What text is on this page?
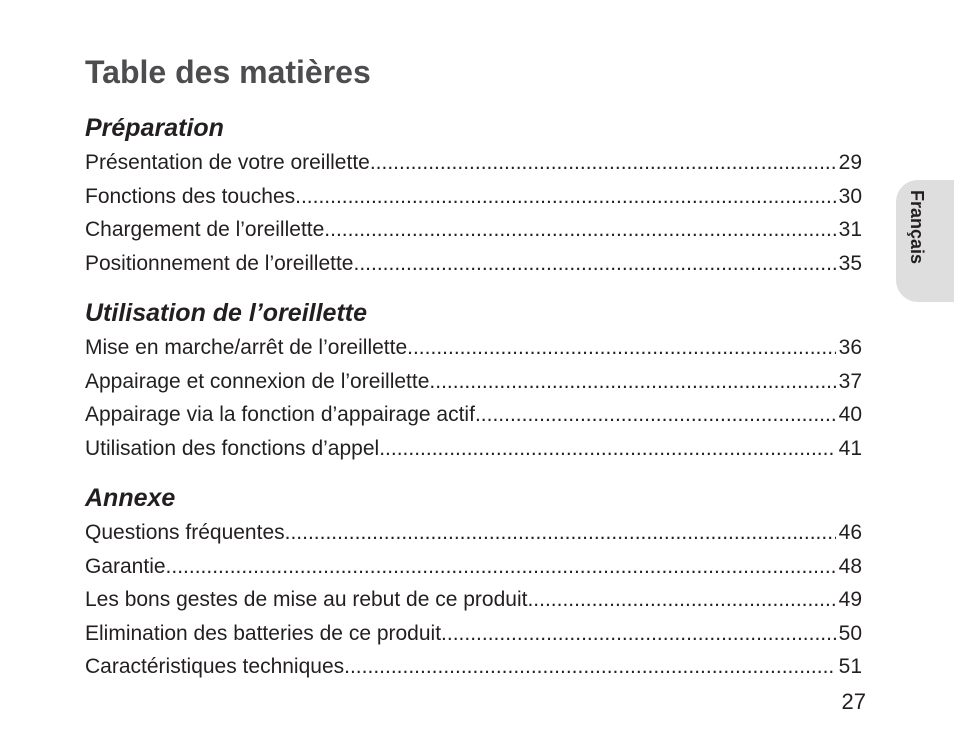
Table des matières
Préparation
Présentation de votre oreillette .....	29
Fonctions des touches .....	30
Chargement de l’oreillette .....	31
Positionnement de l’oreillette .....	35
Utilisation de l’oreillette
Mise en marche/arrêt de l’oreillette .....	36
Appairage et connexion de l’oreillette .....	37
Appairage via la fonction d’appairage actif .....	40
Utilisation des fonctions d’appel .....	41
Annexe
Questions fréquentes .....	46
Garantie .....	48
Les bons gestes de mise au rebut de ce produit .....	49
Elimination des batteries de ce produit .....	50
Caractéristiques techniques .....	51
Français
27
